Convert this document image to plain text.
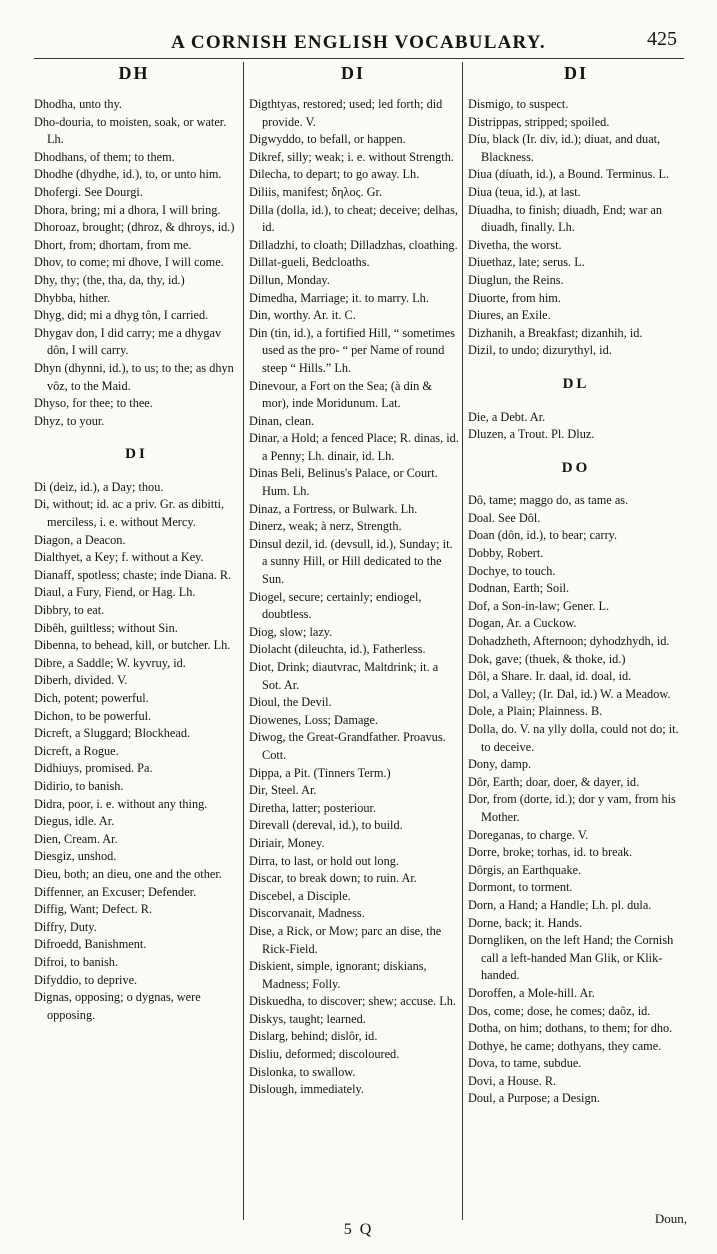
A CORNISH ENGLISH VOCABULARY.	425
DH	DI	DI

Dhodha, unto thy.

Dho-douria, to moisten, soak, or water. Lh.

Dhodhans, of them; to them.

Dhodhe (dhydhe, id.), to, or unto him.

Dhofergi. See Dourgi.

Dhora, bring; mi a dhora, I will bring.

Dhoroaz, brought; (dhroz, & dhroys, id.)

Dhort, from; dhortam, from me.

Dhov, to come; mi dhove, I will come.

Dhy, thy; (the, tha, da, thy, id.)

Dhybba, hither.

Dhyg, did; mi a dhyg tôn, I carried.

Dhygav don, I did carry; me a dhygav dôn, I will carry.

Dhyn (dhynni, id.), to us; to the; as dhyn vôz, to the Maid.

Dhyso, for thee; to thee.

Dhyz, to your.

DI

Di (deiz, id.), a Day; thou.

Di, without; id. ac a priv. Gr. as dibitti, merciless, i. e. without Mercy.

Diagon, a Deacon.

Dialthyet, a Key; f. without a Key.

Dianaff, spotless; chaste; inde Diana. R.

Diaul, a Fury, Fiend, or Hag. Lh.

Dibbry, to eat.

Dibêh, guiltless; without Sin.

Dibenna, to behead, kill, or butcher. Lh.

Dibre, a Saddle; W. kyvruy, id.

Diberh, divided. V.

Dich, potent; powerful.

Dichon, to be powerful.

Dicreft, a Sluggard; Blockhead.

Dicreft, a Rogue.

Didhiuys, promised. Pa.

Didirio, to banish.

Didra, poor, i. e. without any thing.

Diegus, idle. Ar.

Dien, Cream. Ar.

Diesgiz, unshod.

Dieu, both; an dieu, one and the other.

Diffenner, an Excuser; Defender.

Diffig, Want; Defect. R.

Diffry, Duty.

Difroedd, Banishment.

Difroi, to banish.

Difyddio, to deprive.

Dignas, opposing; o dygnas, were opposing.

Digthtyas, restored; used; led forth; did provide. V.

Digwyddo, to befall, or happen.

Dikref, silly; weak; i. e. without Strength.

Dilecha, to depart; to go away. Lh.

Diliis, manifest; δηλος. Gr.

Dilla (dolla, id.), to cheat; deceive; delhas, id.

Dilladzhi, to cloath; Dilladzhas, cloathing.

Dillat-gueli, Bedcloaths.

Dillun, Monday.

Dimedha, Marriage; it. to marry. Lh.

Din, worthy. Ar. it. C.

Din (tin, id.), a fortified Hill, “ sometimes used as the pro- “ per Name of round steep “ Hills.” Lh.

Dinevour, a Fort on the Sea; (à din & mor), inde Moridunum. Lat.

Dinan, clean.

Dinar, a Hold; a fenced Place; R. dinas, id. a Penny; Lh. dinair, id. Lh.

Dinas Beli, Belinus's Palace, or Court. Hum. Lh.

Dinaz, a Fortress, or Bulwark. Lh.

Dinerz, weak; à nerz, Strength.

Dinsul dezil, id. (devsull, id.), Sunday; it. a sunny Hill, or Hill dedicated to the Sun.

Diogel, secure; certainly; endiogel, doubtless.

Diog, slow; lazy.

Diolacht (dileuchta, id.), Fatherless.

Diot, Drink; diautvrac, Maltdrink; it. a Sot. Ar.

Dioul, the Devil.

Diowenes, Loss; Damage.

Diwog, the Great-Grandfather. Proavus. Cott.

Dippa, a Pit. (Tinners Term.)

Dir, Steel. Ar.

Diretha, latter; posteriour.

Direvall (dereval, id.), to build.

Diriair, Money.

Dirra, to last, or hold out long.

Discar, to break down; to ruin. Ar.

Discebel, a Disciple.

Discorvanait, Madness.

Dise, a Rick, or Mow; parc an dise, the Rick-Field.

Diskient, simple, ignorant; diskians, Madness; Folly.

Diskuedha, to discover; shew; accuse. Lh.

Diskys, taught; learned.

Dislarg, behind; dislôr, id.

Disliu, deformed; discoloured.

Dislonka, to swallow.

Dislough, immediately.

Dismigo, to suspect.

Distrippas, stripped; spoiled.

Díu, black (Ir. div, id.); diuat, and duat, Blackness.

Diua (díuath, id.), a Bound. Terminus. L.

Diua (teua, id.), at last.

Díuadha, to finish; diuadh, End; war an diuadh, finally. Lh.

Divetha, the worst.

Diuethaz, late; serus. L.

Diuglun, the Reins.

Diuorte, from him.

Diures, an Exile.

Dizhanih, a Breakfast; dizanhih, id.

Dizil, to undo; dizurythyl, id.

DL

Die, a Debt. Ar.

Dluzen, a Trout. Pl. Dluz.

DO

Dô, tame; maggo do, as tame as.

Doal. See Dôl.

Doan (dôn, id.), to bear; carry.

Dobby, Robert.

Dochye, to touch.

Dodnan, Earth; Soil.

Dof, a Son-in-law; Gener. L.

Dogan, Ar. a Cuckow.

Dohadzheth, Afternoon; dyhodzhydh, id.

Dok, gave; (thuek, & thoke, id.)

Dôl, a Share. Ir. daal, id. doal, id.

Dol, a Valley; (Ir. Dal, id.) W. a Meadow.

Dole, a Plain; Plainness. B.

Dolla, do. V. na ylly dolla, could not do; it. to deceive.

Dony, damp.

Dôr, Earth; doar, doer, & dayer, id.

Dor, from (dorte, id.); dor y vam, from his Mother.

Doreganas, to charge. V.

Dorre, broke; torhas, id. to break.

Dôrgis, an Earthquake.

Dormont, to torment.

Dorn, a Hand; a Handle; Lh. pl. dula.

Dorne, back; it. Hands.

Dorngliken, on the left Hand; the Cornish call a left-handed Man Glik, or Klik-handed.

Doroffen, a Mole-hill. Ar.

Dos, come; dose, he comes; daôz, id.

Dotha, on him; dothans, to them; for dho.

Dothye, he came; dothyans, they came.

Dova, to tame, subdue.

Dovi, a House. R.

Doul, a Purpose; a Design.

5 Q
Doun,
